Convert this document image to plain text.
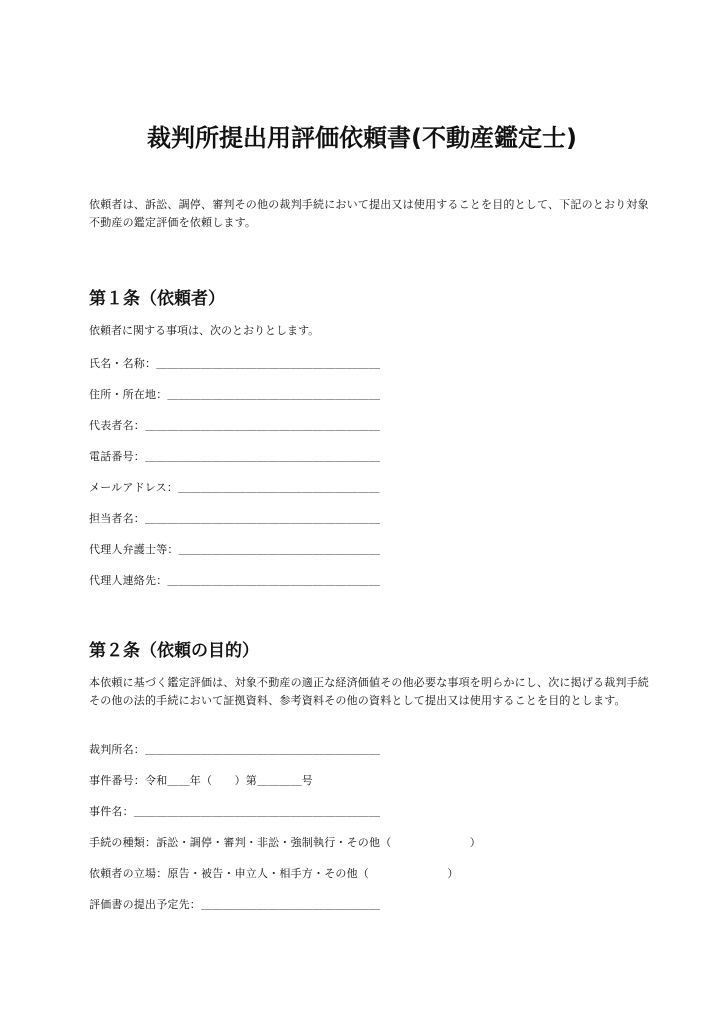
裁判所提出用評価依頼書(不動産鑑定士)
依頼者は、訴訟、調停、審判その他の裁判手続において提出又は使用することを目的として、下記のとおり対象不動産の鑑定評価を依頼します。
第１条（依頼者）
依頼者に関する事項は、次のとおりとします。
氏名・名称：＿＿＿＿＿＿＿＿＿＿＿＿＿＿＿＿＿＿＿＿
住所・所在地：＿＿＿＿＿＿＿＿＿＿＿＿＿＿＿＿＿＿＿
代表者名：＿＿＿＿＿＿＿＿＿＿＿＿＿＿＿＿＿＿＿＿＿
電話番号：＿＿＿＿＿＿＿＿＿＿＿＿＿＿＿＿＿＿＿＿＿
メールアドレス：＿＿＿＿＿＿＿＿＿＿＿＿＿＿＿＿＿＿
担当者名：＿＿＿＿＿＿＿＿＿＿＿＿＿＿＿＿＿＿＿＿＿
代理人弁護士等：＿＿＿＿＿＿＿＿＿＿＿＿＿＿＿＿＿＿
代理人連絡先：＿＿＿＿＿＿＿＿＿＿＿＿＿＿＿＿＿＿＿
第２条（依頼の目的）
本依頼に基づく鑑定評価は、対象不動産の適正な経済価値その他必要な事項を明らかにし、次に掲げる裁判手続その他の法的手続において証拠資料、参考資料その他の資料として提出又は使用することを目的とします。
裁判所名：＿＿＿＿＿＿＿＿＿＿＿＿＿＿＿＿＿＿＿＿＿
事件番号：令和＿＿年（　　）第＿＿＿＿号
事件名：＿＿＿＿＿＿＿＿＿＿＿＿＿＿＿＿＿＿＿＿＿＿
手続の種類：訴訟・調停・審判・非訟・強制執行・その他（　　　　　　　）
依頼者の立場：原告・被告・申立人・相手方・その他（　　　　　　　）
評価書の提出予定先：＿＿＿＿＿＿＿＿＿＿＿＿＿＿＿＿
